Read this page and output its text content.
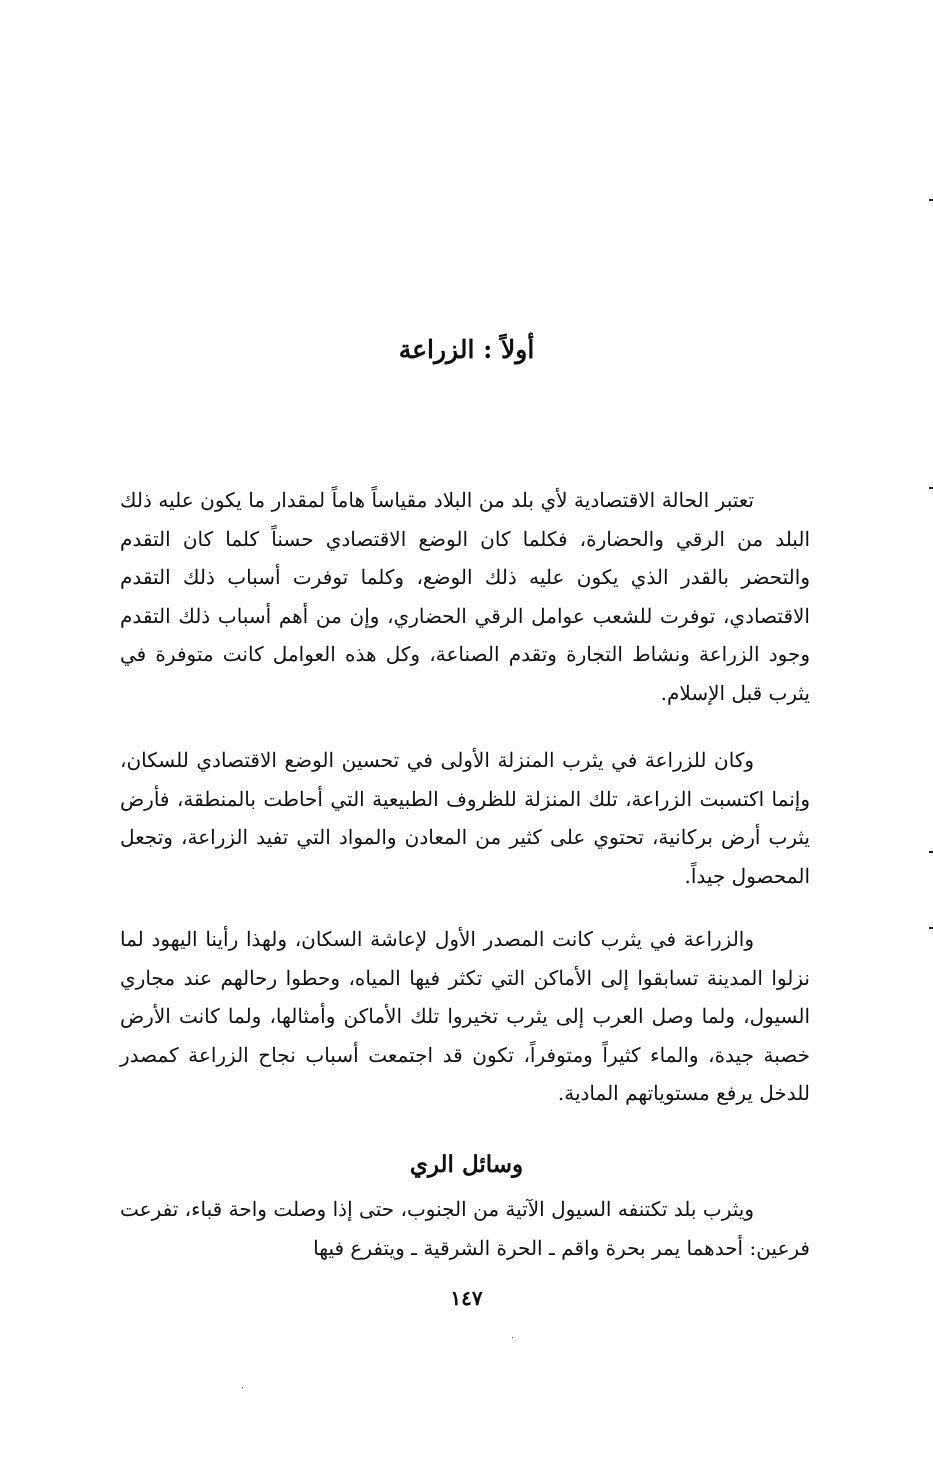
أولاً : الزراعة

تعتبر الحالة الاقتصادية لأي بلد من البلاد مقياساً هاماً لمقدار ما يكون عليه ذلك البلد من الرقي والحضارة، فكلما كان الوضع الاقتصادي حسناً كلما كان التقدم والتحضر بالقدر الذي يكون عليه ذلك الوضع، وكلما توفرت أسباب ذلك التقدم الاقتصادي، توفرت للشعب عوامل الرقي الحضاري، وإن من أهم أسباب ذلك التقدم وجود الزراعة ونشاط التجارة وتقدم الصناعة، وكل هذه العوامل كانت متوفرة في يثرب قبل الإسلام.

وكان للزراعة في يثرب المنزلة الأولى في تحسين الوضع الاقتصادي للسكان، وإنما اكتسبت الزراعة، تلك المنزلة للظروف الطبيعية التي أحاطت بالمنطقة، فأرض يثرب أرض بركانية، تحتوي على كثير من المعادن والمواد التي تفيد الزراعة، وتجعل المحصول جيداً.

والزراعة في يثرب كانت المصدر الأول لإعاشة السكان، ولهذا رأينا اليهود لما نزلوا المدينة تسابقوا إلى الأماكن التي تكثر فيها المياه، وحطوا رحالهم عند مجاري السيول، ولما وصل العرب إلى يثرب تخيروا تلك الأماكن وأمثالها، ولما كانت الأرض خصبة جيدة، والماء كثيراً ومتوفراً، تكون قد اجتمعت أسباب نجاح الزراعة كمصدر للدخل يرفع مستوياتهم المادية.

وسائل الري

ويثرب بلد تكتنفه السيول الآتية من الجنوب، حتى إذا وصلت واحة قباء، تفرعت فرعين: أحدهما يمر بحرة واقم ـ الحرة الشرقية ـ ويتفرع فيها

١٤٧
